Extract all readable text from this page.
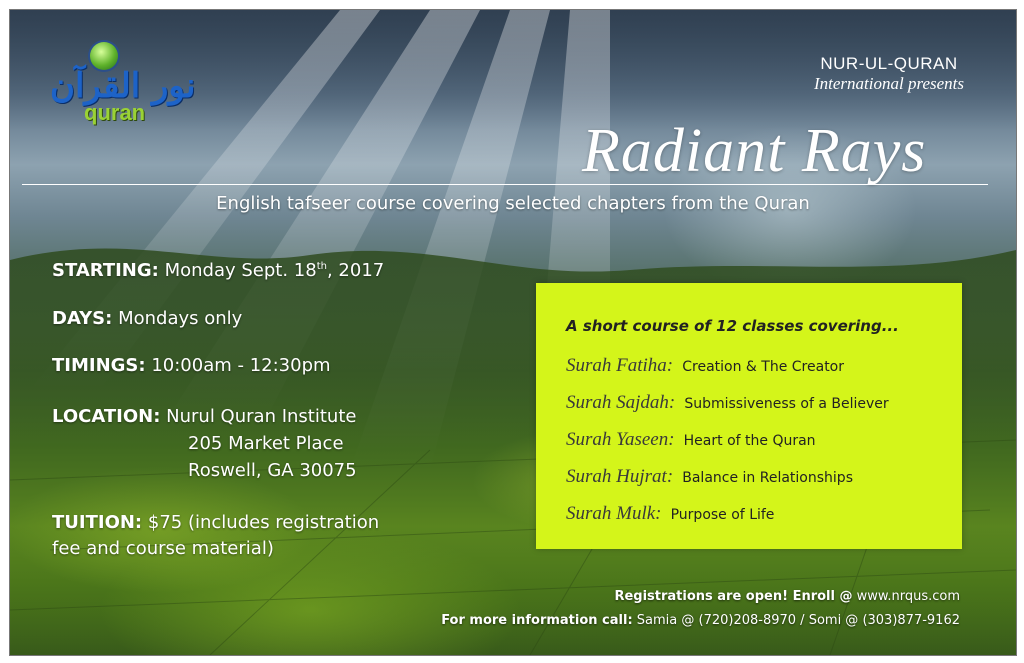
نور القرآن
quran
NUR-UL-QURAN
International presents
Radiant Rays
English tafseer course covering selected chapters from the Quran
STARTING: Monday Sept. 18th, 2017
DAYS: Mondays only
TIMINGS: 10:00am - 12:30pm
LOCATION: Nurul Quran Institute
205 Market Place
Roswell, GA 30075
TUITION: $75 (includes registration
fee and course material)
A short course of 12 classes covering...
Surah Fatiha: Creation & The Creator
Surah Sajdah: Submissiveness of a Believer
Surah Yaseen: Heart of the Quran
Surah Hujrat: Balance in Relationships
Surah Mulk: Purpose of Life
Registrations are open! Enroll @ www.nrqus.com
For more information call: Samia @ (720)208-8970 / Somi @ (303)877-9162
